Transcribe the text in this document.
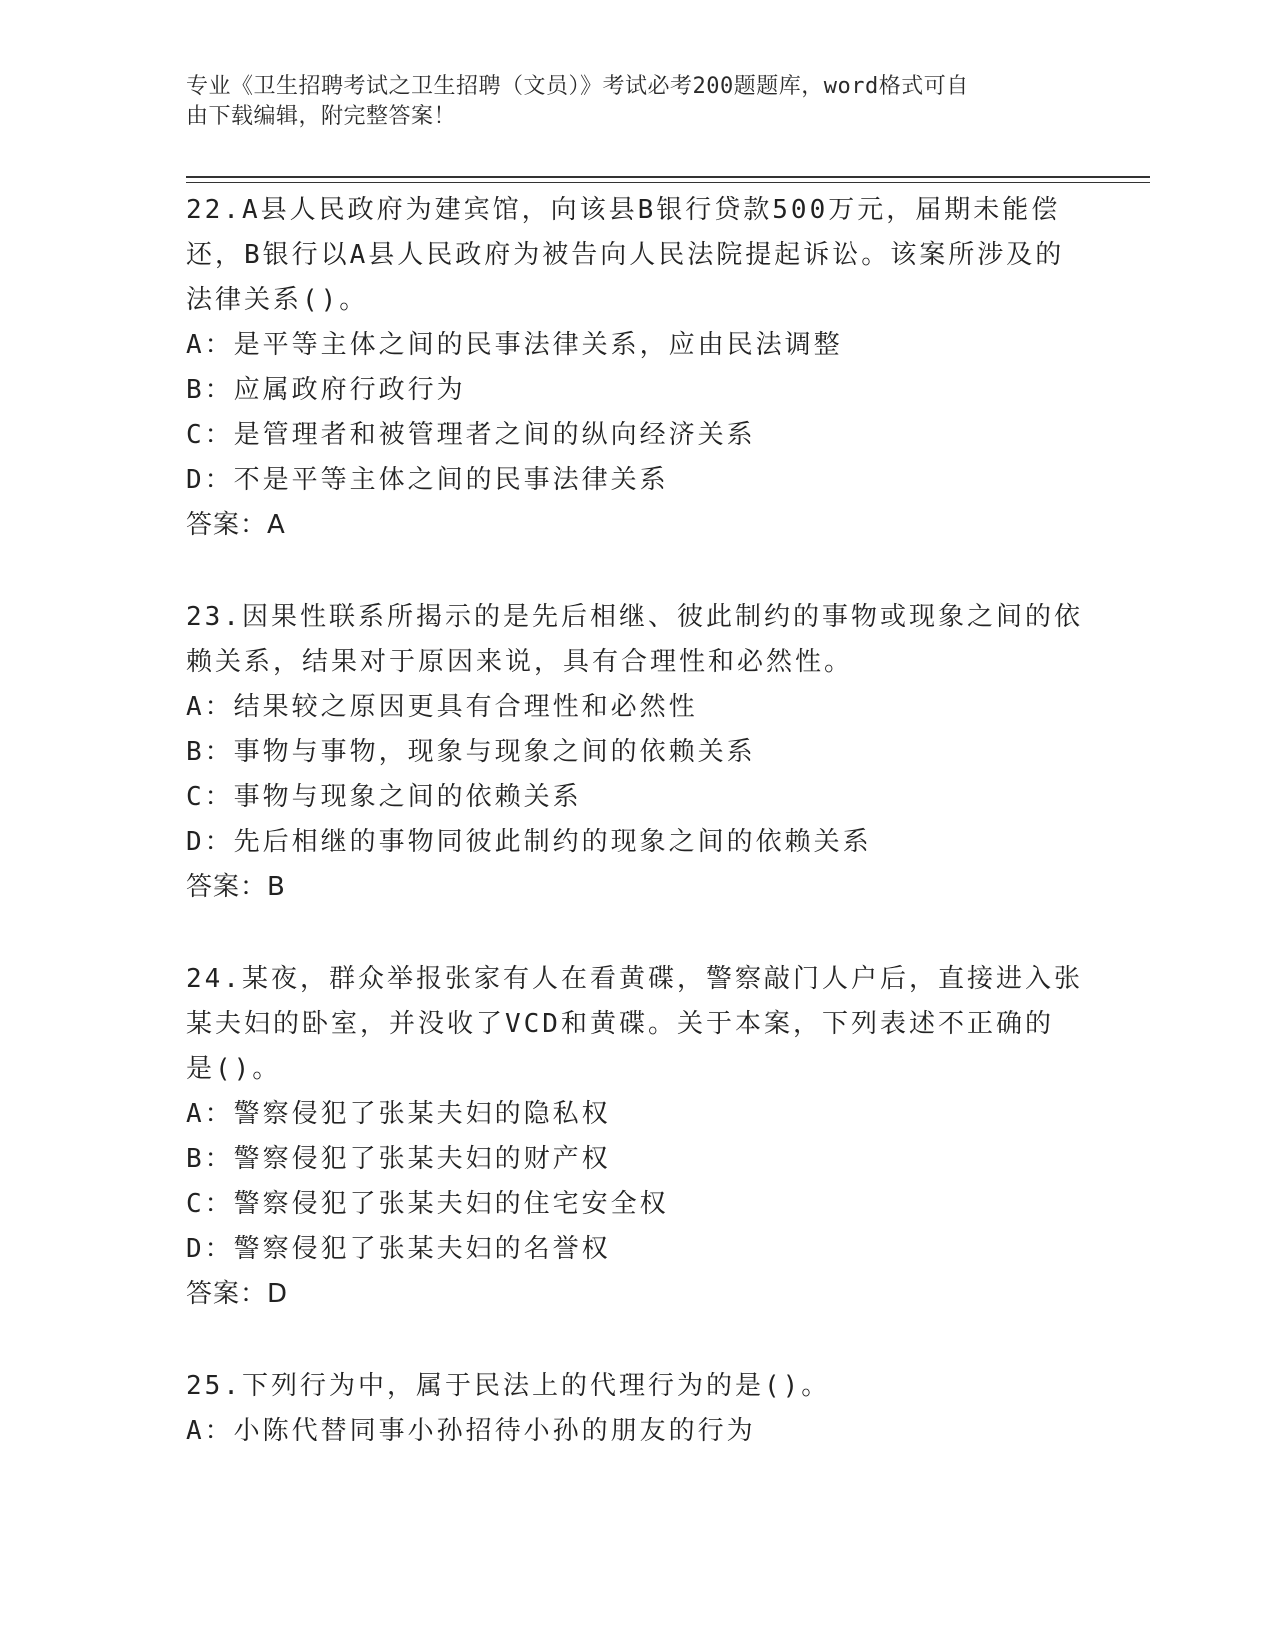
专业《卫生招聘考试之卫生招聘（文员）》考试必考200题题库，word格式可自
由下载编辑，附完整答案！

22.A县人民政府为建宾馆，向该县B银行贷款500万元，届期未能偿

还，B银行以A县人民政府为被告向人民法院提起诉讼。该案所涉及的

法律关系()。

A：是平等主体之间的民事法律关系，应由民法调整

B：应属政府行政行为

C：是管理者和被管理者之间的纵向经济关系

D：不是平等主体之间的民事法律关系

答案：A

23.因果性联系所揭示的是先后相继、彼此制约的事物或现象之间的依

赖关系，结果对于原因来说，具有合理性和必然性。

A：结果较之原因更具有合理性和必然性

B：事物与事物，现象与现象之间的依赖关系

C：事物与现象之间的依赖关系

D：先后相继的事物同彼此制约的现象之间的依赖关系

答案：B

24.某夜，群众举报张家有人在看黄碟，警察敲门人户后，直接进入张

某夫妇的卧室，并没收了VCD和黄碟。关于本案，下列表述不正确的

是()。

A：警察侵犯了张某夫妇的隐私权

B：警察侵犯了张某夫妇的财产权

C：警察侵犯了张某夫妇的住宅安全权

D：警察侵犯了张某夫妇的名誉权

答案：D

25.下列行为中，属于民法上的代理行为的是()。

A：小陈代替同事小孙招待小孙的朋友的行为
